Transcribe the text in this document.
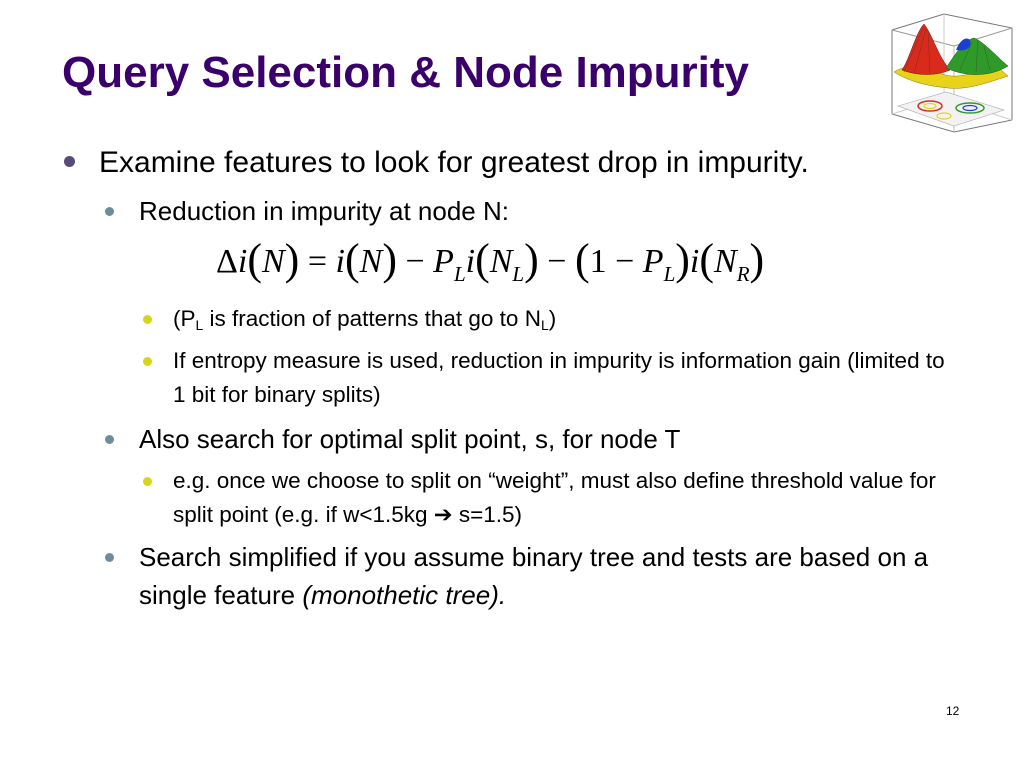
Query Selection & Node Impurity
Examine features to look for greatest drop in impurity.
Reduction in impurity at node N:
$\Delta i(N) = i(N) - P_Li(N_L) - (1 - P_L)i(N_R)$
($P_L$ is fraction of patterns that go to $N_L$)
If entropy measure is used, reduction in impurity is information gain (limited to 1 bit for binary splits)
Also search for optimal split point, s, for node T
e.g. once we choose to split on “weight”, must also define threshold value for split point (e.g. if w<1.5kg ➔ s=1.5)
Search simplified if you assume binary tree and tests are based on a single feature (monothetic tree).
12
